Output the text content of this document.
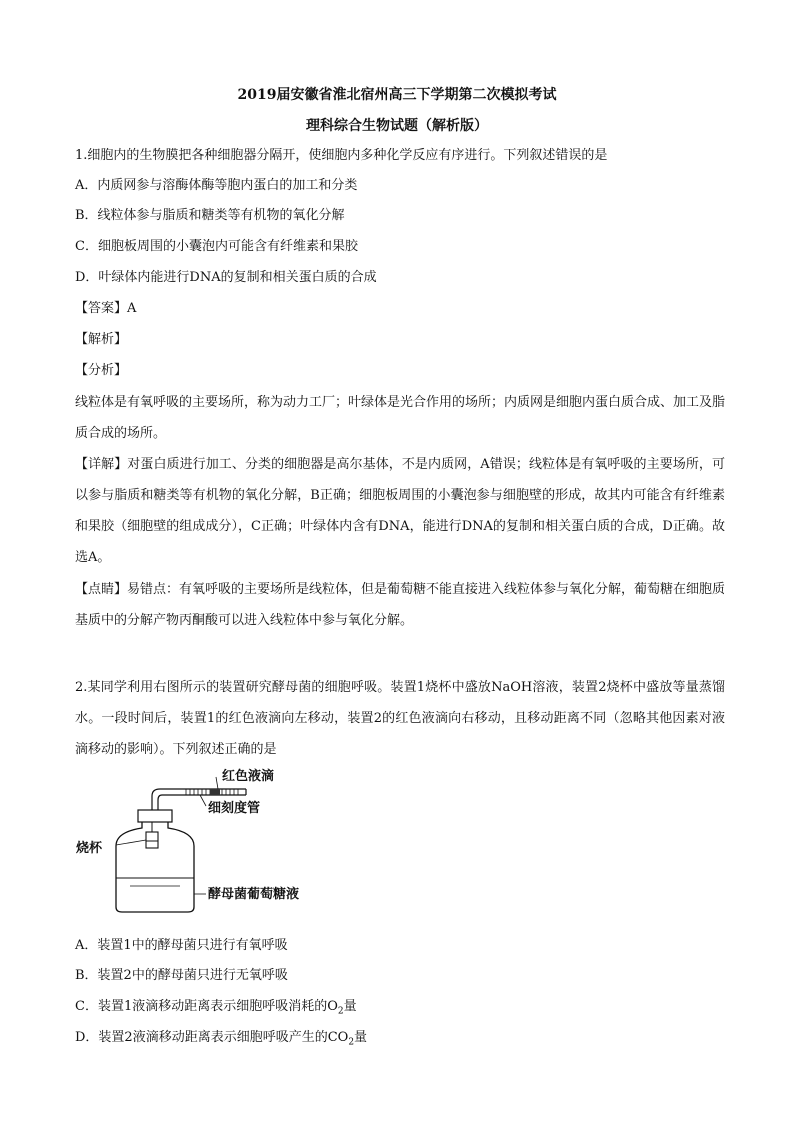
2019届安徽省淮北宿州高三下学期第二次模拟考试
理科综合生物试题（解析版）
1.细胞内的生物膜把各种细胞器分隔开，使细胞内多种化学反应有序进行。下列叙述错误的是
A．内质网参与溶酶体酶等胞内蛋白的加工和分类
B．线粒体参与脂质和糖类等有机物的氧化分解
C．细胞板周围的小囊泡内可能含有纤维素和果胶
D．叶绿体内能进行DNA的复制和相关蛋白质的合成
【答案】A
【解析】
【分析】
线粒体是有氧呼吸的主要场所，称为动力工厂；叶绿体是光合作用的场所；内质网是细胞内蛋白质合成、加工及脂质合成的场所。
【详解】对蛋白质进行加工、分类的细胞器是高尔基体，不是内质网，A错误；线粒体是有氧呼吸的主要场所，可以参与脂质和糖类等有机物的氧化分解，B正确；细胞板周围的小囊泡参与细胞壁的形成，故其内可能含有纤维素和果胶（细胞壁的组成成分），C正确；叶绿体内含有DNA，能进行DNA的复制和相关蛋白质的合成，D正确。故选A。
【点睛】易错点：有氧呼吸的主要场所是线粒体，但是葡萄糖不能直接进入线粒体参与氧化分解，葡萄糖在细胞质基质中的分解产物丙酮酸可以进入线粒体中参与氧化分解。
2.某同学利用右图所示的装置研究酵母菌的细胞呼吸。装置1烧杯中盛放NaOH溶液，装置2烧杯中盛放等量蒸馏水。一段时间后，装置1的红色液滴向左移动，装置2的红色液滴向右移动，且移动距离不同（忽略其他因素对液滴移动的影响）。下列叙述正确的是
红色液滴
细刻度管
烧杯
酵母菌葡萄糖液
A．装置1中的酵母菌只进行有氧呼吸
B．装置2中的酵母菌只进行无氧呼吸
C．装置1液滴移动距离表示细胞呼吸消耗的$O_2$量
D．装置2液滴移动距离表示细胞呼吸产生的$CO_2$量
